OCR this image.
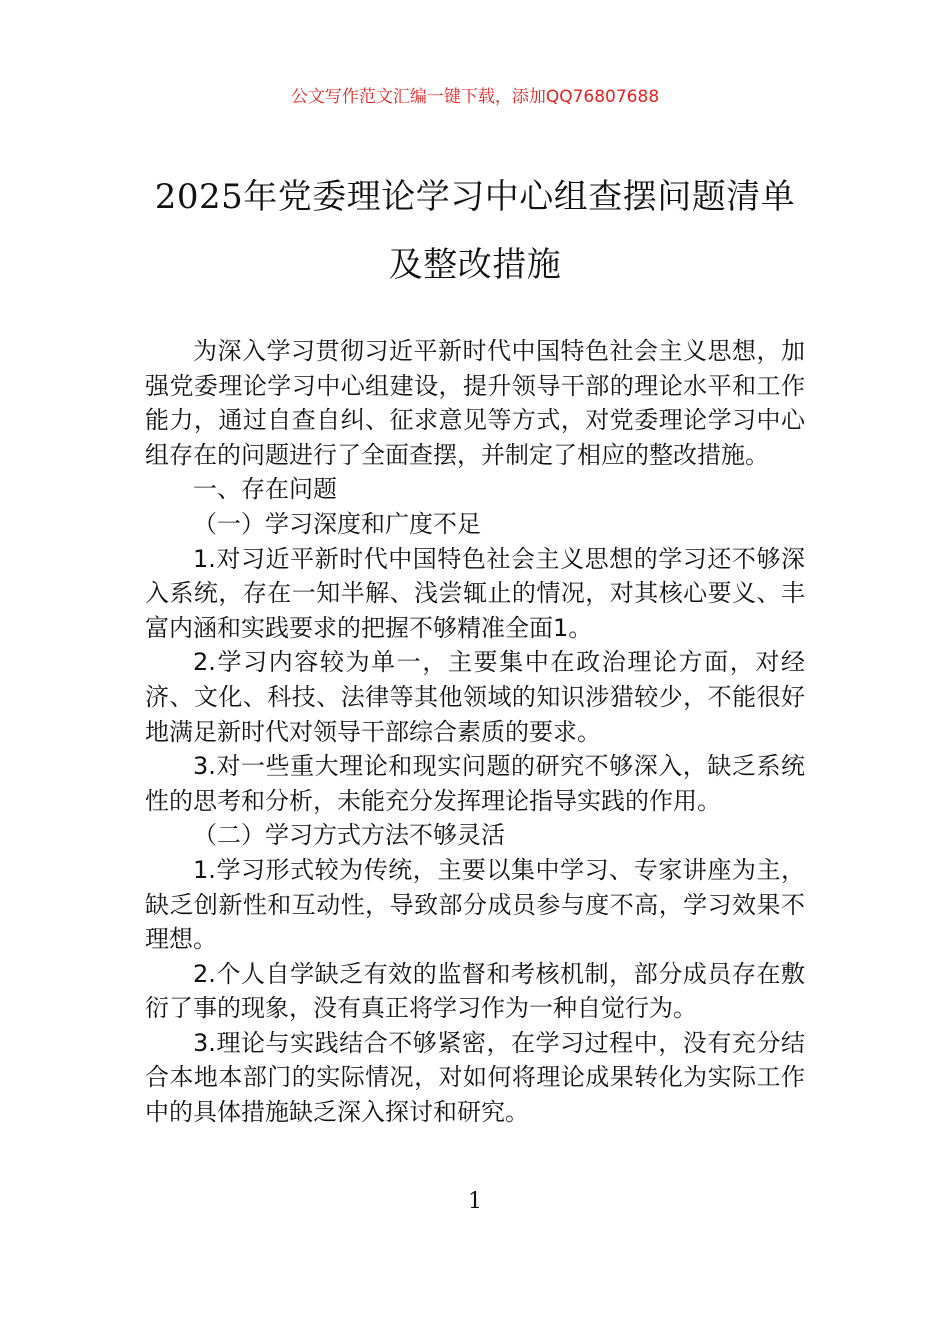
公文写作范文汇编一键下载，添加QQ76807688
2025年党委理论学习中心组查摆问题清单
及整改措施

为深入学习贯彻习近平新时代中国特色社会主义思想，加强党委理论学习中心组建设，提升领导干部的理论水平和工作能力，通过自查自纠、征求意见等方式，对党委理论学习中心组存在的问题进行了全面查摆，并制定了相应的整改措施。

一、存在问题

（一）学习深度和广度不足

1.对习近平新时代中国特色社会主义思想的学习还不够深入系统，存在一知半解、浅尝辄止的情况，对其核心要义、丰富内涵和实践要求的把握不够精准全面1。

2.学习内容较为单一，主要集中在政治理论方面，对经济、文化、科技、法律等其他领域的知识涉猎较少，不能很好地满足新时代对领导干部综合素质的要求。

3.对一些重大理论和现实问题的研究不够深入，缺乏系统性的思考和分析，未能充分发挥理论指导实践的作用。

（二）学习方式方法不够灵活

1.学习形式较为传统，主要以集中学习、专家讲座为主，缺乏创新性和互动性，导致部分成员参与度不高，学习效果不理想。

2.个人自学缺乏有效的监督和考核机制，部分成员存在敷衍了事的现象，没有真正将学习作为一种自觉行为。

3.理论与实践结合不够紧密，在学习过程中，没有充分结合本地本部门的实际情况，对如何将理论成果转化为实际工作中的具体措施缺乏深入探讨和研究。

1
